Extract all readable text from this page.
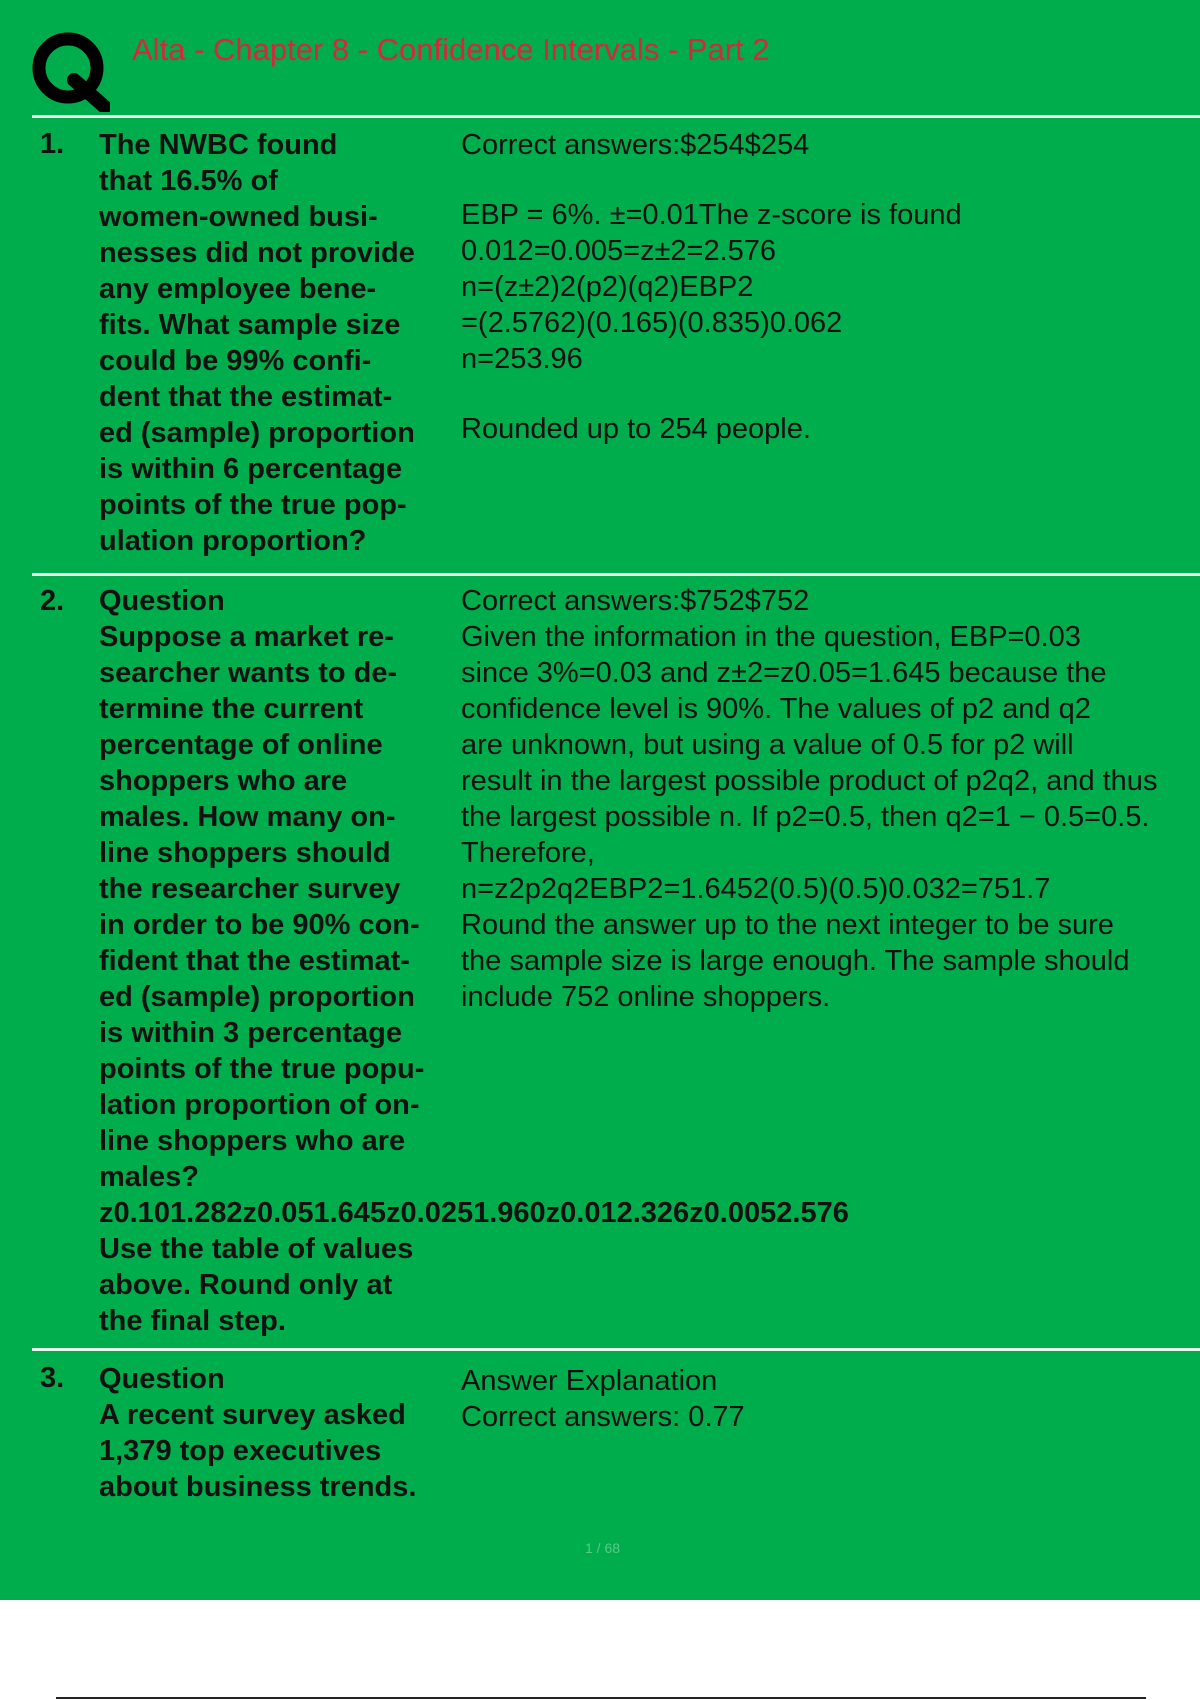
Alta - Chapter 8 - Confidence Intervals - Part 2
1. The NWBC found
that 16.5% of
women-owned busi-
nesses did not provide
any employee bene-
fits. What sample size
could be 99% confi-
dent that the estimat-
ed (sample) proportion
is within 6 percentage
points of the true pop-
ulation proportion?
Correct answers:$254$254
EBP = 6%. ±=0.01The z-score is found
0.012=0.005=z±2=2.576
n=(z±2)2(p2)(q2)EBP2
=(2.5762)(0.165)(0.835)0.062
n=253.96
Rounded up to 254 people.
2. Question
Suppose a market re-
searcher wants to de-
termine the current
percentage of online
shoppers who are
males. How many on-
line shoppers should
the researcher survey
in order to be 90% con-
fident that the estimat-
ed (sample) proportion
is within 3 percentage
points of the true popu-
lation proportion of on-
line shoppers who are
males?
z0.101.282z0.051.645z0.0251.960z0.012.326z0.0052.576
Use the table of values
above. Round only at
the final step.
Correct answers:$752$752
Given the information in the question, EBP=0.03
since 3%=0.03 and z±2=z0.05=1.645 because the
confidence level is 90%. The values of p2 and q2
are unknown, but using a value of 0.5 for p2 will
result in the largest possible product of p2q2, and thus
the largest possible n. If p2=0.5, then q2=1 − 0.5=0.5.
Therefore,
n=z2p2q2EBP2=1.6452(0.5)(0.5)0.032=751.7
Round the answer up to the next integer to be sure
the sample size is large enough. The sample should
include 752 online shoppers.
3. Question
A recent survey asked
1,379 top executives
about business trends.
Answer Explanation
Correct answers: 0.77
1 / 68
